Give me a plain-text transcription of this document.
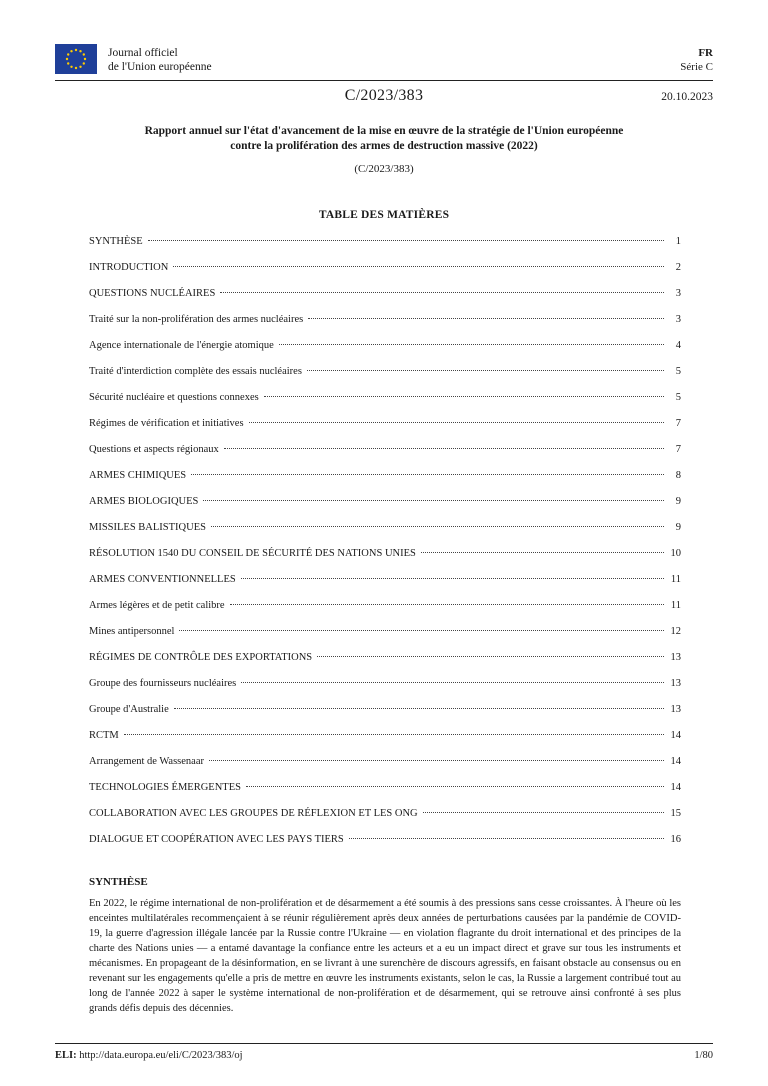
Journal officiel
de l'Union européenne
FR
Série C
C/2023/383	20.10.2023
Rapport annuel sur l'état d'avancement de la mise en œuvre de la stratégie de l'Union européenne
contre la prolifération des armes de destruction massive (2022)
(C/2023/383)
TABLE DES MATIÈRES
SYNTHÈSE	1
INTRODUCTION	2
QUESTIONS NUCLÉAIRES	3
Traité sur la non-prolifération des armes nucléaires	3
Agence internationale de l'énergie atomique	4
Traité d'interdiction complète des essais nucléaires	5
Sécurité nucléaire et questions connexes	5
Régimes de vérification et initiatives	7
Questions et aspects régionaux	7
ARMES CHIMIQUES	8
ARMES BIOLOGIQUES	9
MISSILES BALISTIQUES	9
RÉSOLUTION 1540 DU CONSEIL DE SÉCURITÉ DES NATIONS UNIES	10
ARMES CONVENTIONNELLES	11
Armes légères et de petit calibre	11
Mines antipersonnel	12
RÉGIMES DE CONTRÔLE DES EXPORTATIONS	13
Groupe des fournisseurs nucléaires	13
Groupe d'Australie	13
RCTM	14
Arrangement de Wassenaar	14
TECHNOLOGIES ÉMERGENTES	14
COLLABORATION AVEC LES GROUPES DE RÉFLEXION ET LES ONG	15
DIALOGUE ET COOPÉRATION AVEC LES PAYS TIERS	16
SYNTHÈSE

En 2022, le régime international de non-prolifération et de désarmement a été soumis à des pressions sans cesse croissantes. À l'heure où les enceintes multilatérales recommençaient à se réunir régulièrement après deux années de perturbations causées par la pandémie de COVID-19, la guerre d'agression illégale lancée par la Russie contre l'Ukraine — en violation flagrante du droit international et des principes de la charte des Nations unies — a entamé davantage la confiance entre les acteurs et a eu un impact direct et grave sur tous les instruments et mécanismes. En propageant de la désinformation, en se livrant à une surenchère de discours agressifs, en faisant obstacle au consensus ou en revenant sur les engagements qu'elle a pris de mettre en œuvre les instruments existants, selon le cas, la Russie a largement contribué tout au long de l'année 2022 à saper le système international de non-prolifération et de désarmement, qui se retrouve ainsi confronté à ses plus grands défis depuis des décennies.

ELI: http://data.europa.eu/eli/C/2023/383/oj	1/80
